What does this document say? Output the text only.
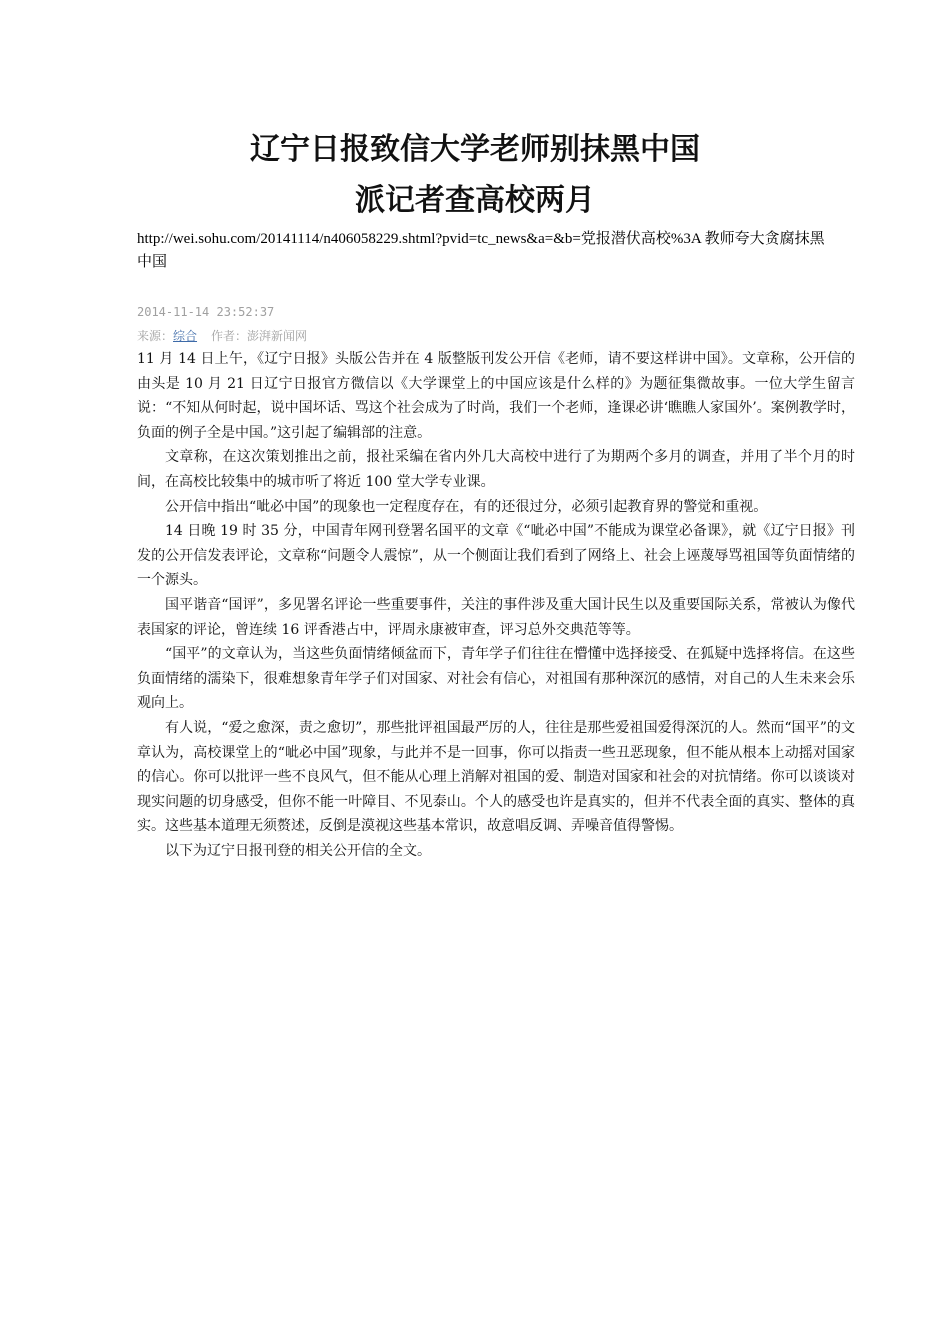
辽宁日报致信大学老师别抹黑中国
派记者查高校两月
http://wei.sohu.com/20141114/n406058229.shtml?pvid=tc_news&a=&b=党报潜伏高校%3A 教师夸大贪腐抹黑中国
2014-11-14 23:52:37
来源：综合 作者：澎湃新闻网

11 月 14 日上午，《辽宁日报》头版公告并在 4 版整版刊发公开信《老师，请不要这样讲中国》。文章称，公开信的由头是 10 月 21 日辽宁日报官方微信以《大学课堂上的中国应该是什么样的》为题征集微故事。一位大学生留言说：“不知从何时起，说中国坏话、骂这个社会成为了时尚，我们一个老师，逢课必讲‘瞧瞧人家国外’。案例教学时，负面的例子全是中国。”这引起了编辑部的注意。

文章称，在这次策划推出之前，报社采编在省内外几大高校中进行了为期两个多月的调查，并用了半个月的时间，在高校比较集中的城市听了将近 100 堂大学专业课。

公开信中指出“呲必中国”的现象也一定程度存在，有的还很过分，必须引起教育界的警觉和重视。

14 日晚 19 时 35 分，中国青年网刊登署名国平的文章《“呲必中国”不能成为课堂必备课》，就《辽宁日报》刊发的公开信发表评论，文章称“问题令人震惊”，从一个侧面让我们看到了网络上、社会上诬蔑辱骂祖国等负面情绪的一个源头。

国平谐音“国评”，多见署名评论一些重要事件，关注的事件涉及重大国计民生以及重要国际关系，常被认为像代表国家的评论，曾连续 16 评香港占中，评周永康被审查，评习总外交典范等等。

“国平”的文章认为，当这些负面情绪倾盆而下，青年学子们往往在懵懂中选择接受、在狐疑中选择将信。在这些负面情绪的濡染下，很难想象青年学子们对国家、对社会有信心，对祖国有那种深沉的感情，对自己的人生未来会乐观向上。

有人说，“爱之愈深，责之愈切”，那些批评祖国最严厉的人，往往是那些爱祖国爱得深沉的人。然而“国平”的文章认为，高校课堂上的“呲必中国”现象，与此并不是一回事，你可以指责一些丑恶现象，但不能从根本上动摇对国家的信心。你可以批评一些不良风气，但不能从心理上消解对祖国的爱、制造对国家和社会的对抗情绪。你可以谈谈对现实问题的切身感受，但你不能一叶障目、不见泰山。个人的感受也许是真实的，但并不代表全面的真实、整体的真实。这些基本道理无须赘述，反倒是漠视这些基本常识，故意唱反调、弄噪音值得警惕。

以下为辽宁日报刊登的相关公开信的全文。
